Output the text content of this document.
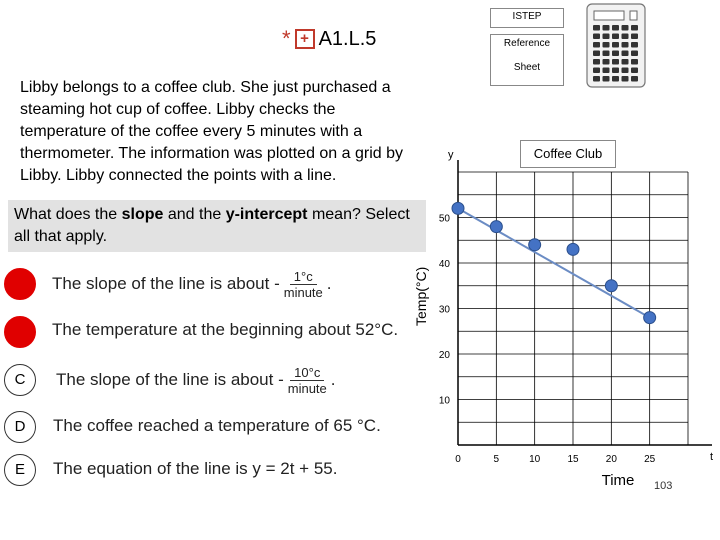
* + A1.L.5
ISTEP
Reference
Sheet
Libby belongs to a coffee club. She just purchased a steaming hot cup of coffee. Libby checks the temperature of the coffee every 5 minutes with a thermometer. The information was plotted on a grid by Libby. Libby connected the points with a line.
What does the slope and the y-intercept mean? Select all that apply.
The slope of the line is about - $\frac{1^\circ c}{\text{minute}}$ .
The temperature at the beginning about 52°C.
C	The slope of the line is about - $\frac{10^\circ c}{\text{minute}}$ .
D	The coffee reached a temperature of 65 °C.
E	The equation of the line is y = 2t + 55.
Coffee Club
Temp(°C)
0	5	10	15	20	25
10
20
30
40
50
y
t
Time 103
